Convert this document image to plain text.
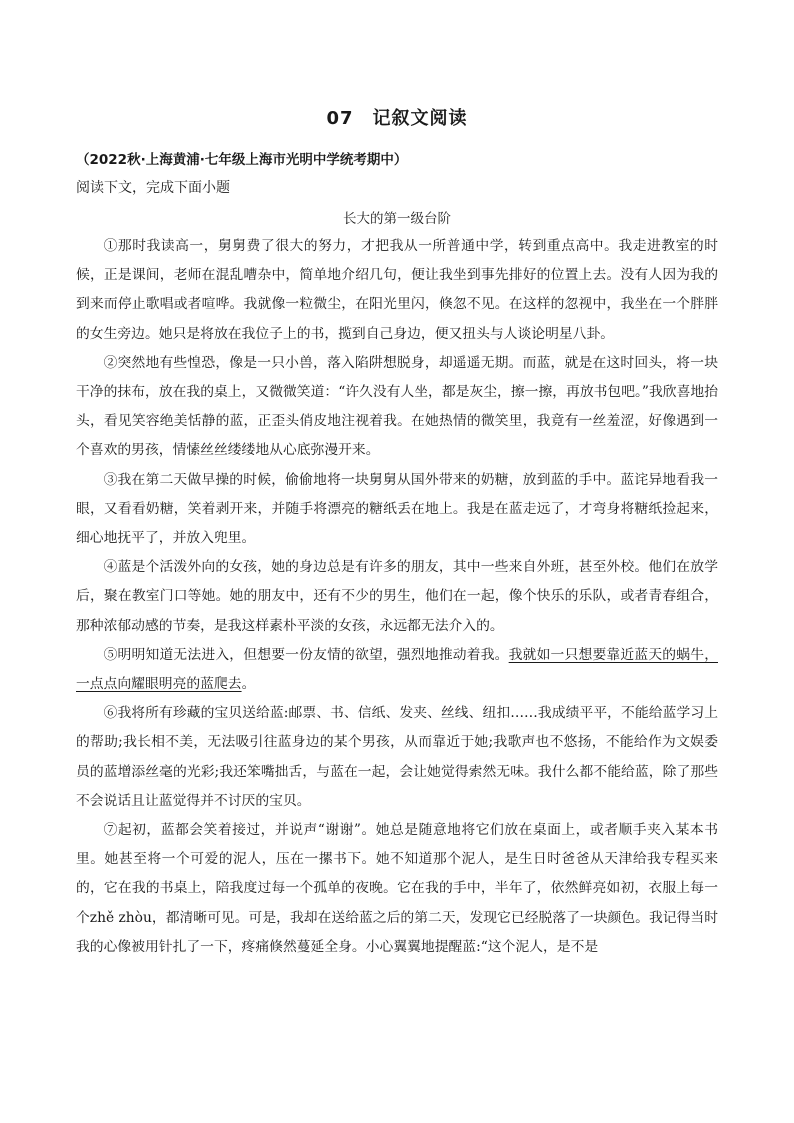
07　记叙文阅读
（2022秋·上海黄浦·七年级上海市光明中学统考期中）
阅读下文，完成下面小题
长大的第一级台阶

①那时我读高一，舅舅费了很大的努力，才把我从一所普通中学，转到重点高中。我走进教室的时候，正是课间，老师在混乱嘈杂中，简单地介绍几句，便让我坐到事先排好的位置上去。没有人因为我的到来而停止歌唱或者喧哗。我就像一粒微尘，在阳光里闪，倏忽不见。在这样的忽视中，我坐在一个胖胖的女生旁边。她只是将放在我位子上的书，揽到自己身边，便又扭头与人谈论明星八卦。

②突然地有些惶恐，像是一只小兽，落入陷阱想脱身，却遥遥无期。而蓝，就是在这时回头，将一块干净的抹布，放在我的桌上，又微微笑道：“许久没有人坐，都是灰尘，擦一擦，再放书包吧。”我欣喜地抬头，看见笑容绝美恬静的蓝，正歪头俏皮地注视着我。在她热情的微笑里，我竟有一丝羞涩，好像遇到一个喜欢的男孩，情愫丝丝缕缕地从心底弥漫开来。

③我在第二天做早操的时候，偷偷地将一块舅舅从国外带来的奶糖，放到蓝的手中。蓝诧异地看我一眼，又看看奶糖，笑着剥开来，并随手将漂亮的糖纸丢在地上。我是在蓝走远了，才弯身将糖纸捡起来，细心地抚平了，并放入兜里。

④蓝是个活泼外向的女孩，她的身边总是有许多的朋友，其中一些来自外班，甚至外校。他们在放学后，聚在教室门口等她。她的朋友中，还有不少的男生，他们在一起，像个快乐的乐队，或者青春组合，那种浓郁动感的节奏，是我这样素朴平淡的女孩，永远都无法介入的。

⑤明明知道无法进入，但想要一份友情的欲望，强烈地推动着我。我就如一只想要靠近蓝天的蜗牛，一点点向耀眼明亮的蓝爬去。

⑥我将所有珍藏的宝贝送给蓝:邮票、书、信纸、发夹、丝线、纽扣……我成绩平平，不能给蓝学习上的帮助;我长相不美，无法吸引往蓝身边的某个男孩，从而靠近于她;我歌声也不悠扬，不能给作为文娱委员的蓝增添丝毫的光彩;我还笨嘴拙舌，与蓝在一起，会让她觉得索然无味。我什么都不能给蓝，除了那些不会说话且让蓝觉得并不讨厌的宝贝。

⑦起初，蓝都会笑着接过，并说声“谢谢”。她总是随意地将它们放在桌面上，或者顺手夹入某本书里。她甚至将一个可爱的泥人，压在一摞书下。她不知道那个泥人，是生日时爸爸从天津给我专程买来的，它在我的书桌上，陪我度过每一个孤单的夜晚。它在我的手中，半年了，依然鲜亮如初，衣服上每一个zhě zhòu，都清晰可见。可是，我却在送给蓝之后的第二天，发现它已经脱落了一块颜色。我记得当时我的心像被用针扎了一下，疼痛倏然蔓延全身。小心翼翼地提醒蓝:“这个泥人，是不是
